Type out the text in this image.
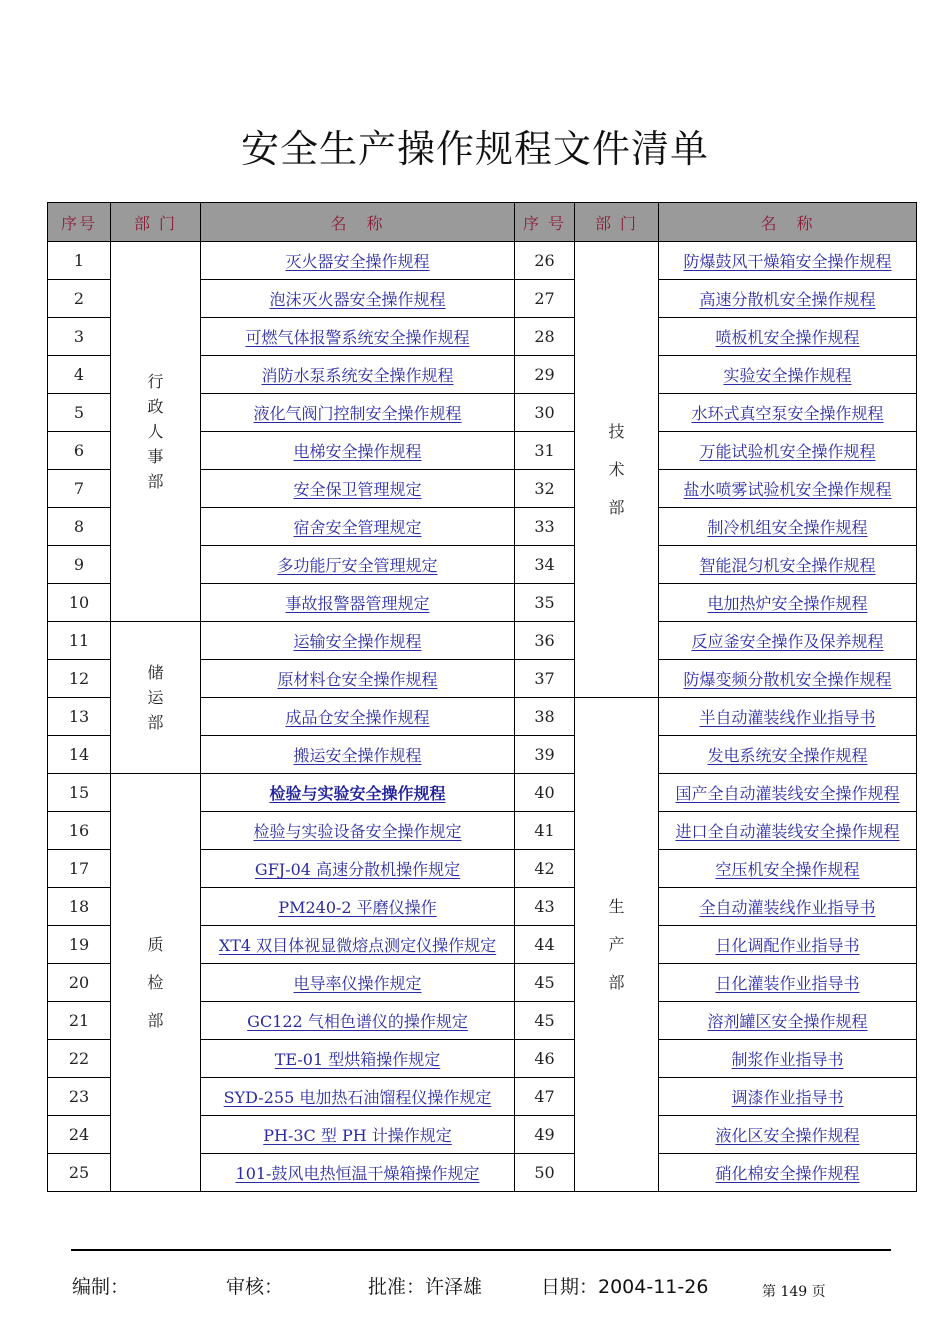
安全生产操作规程文件清单
序号	部 门	名　称	序 号	部 门	名　称
1	行
政
人
事
部	灭火器安全操作规程	26	技
术
部	防爆鼓风干燥箱安全操作规程
2		泡沫灭火器安全操作规程	27		高速分散机安全操作规程
3		可燃气体报警系统安全操作规程	28		喷板机安全操作规程
4		消防水泵系统安全操作规程	29		实验安全操作规程
5		液化气阀门控制安全操作规程	30		水环式真空泵安全操作规程
6		电梯安全操作规程	31		万能试验机安全操作规程
7		安全保卫管理规定	32		盐水喷雾试验机安全操作规程
8		宿舍安全管理规定	33		制冷机组安全操作规程
9		多功能厅安全管理规定	34		智能混匀机安全操作规程
10		事故报警器管理规定	35		电加热炉安全操作规程
11	储
运
部	运输安全操作规程	36		反应釜安全操作及保养规程
12		原材料仓安全操作规程	37		防爆变频分散机安全操作规程
13		成品仓安全操作规程	38	生
产
部	半自动灌装线作业指导书
14		搬运安全操作规程	39		发电系统安全操作规程
15	质
检
部	检验与实验安全操作规程	40		国产全自动灌装线安全操作规程
16		检验与实验设备安全操作规定	41		进口全自动灌装线安全操作规程
17		GFJ-04 高速分散机操作规定	42		空压机安全操作规程
18		PM240-2 平磨仪操作	43		全自动灌装线作业指导书
19		XT4 双目体视显微熔点测定仪操作规定	44		日化调配作业指导书
20		电导率仪操作规定	45		日化灌装作业指导书
21		GC122 气相色谱仪的操作规定	45		溶剂罐区安全操作规程
22		TE-01 型烘箱操作规定	46		制浆作业指导书
23		SYD-255 电加热石油馏程仪操作规定	47		调漆作业指导书
24		PH-3C 型 PH 计操作规定	49		液化区安全操作规程
25		101-鼓风电热恒温干燥箱操作规定	50		硝化棉安全操作规程
编制：	审核：	批准：许泽雄	日期：2004-11-26	第 149 页
